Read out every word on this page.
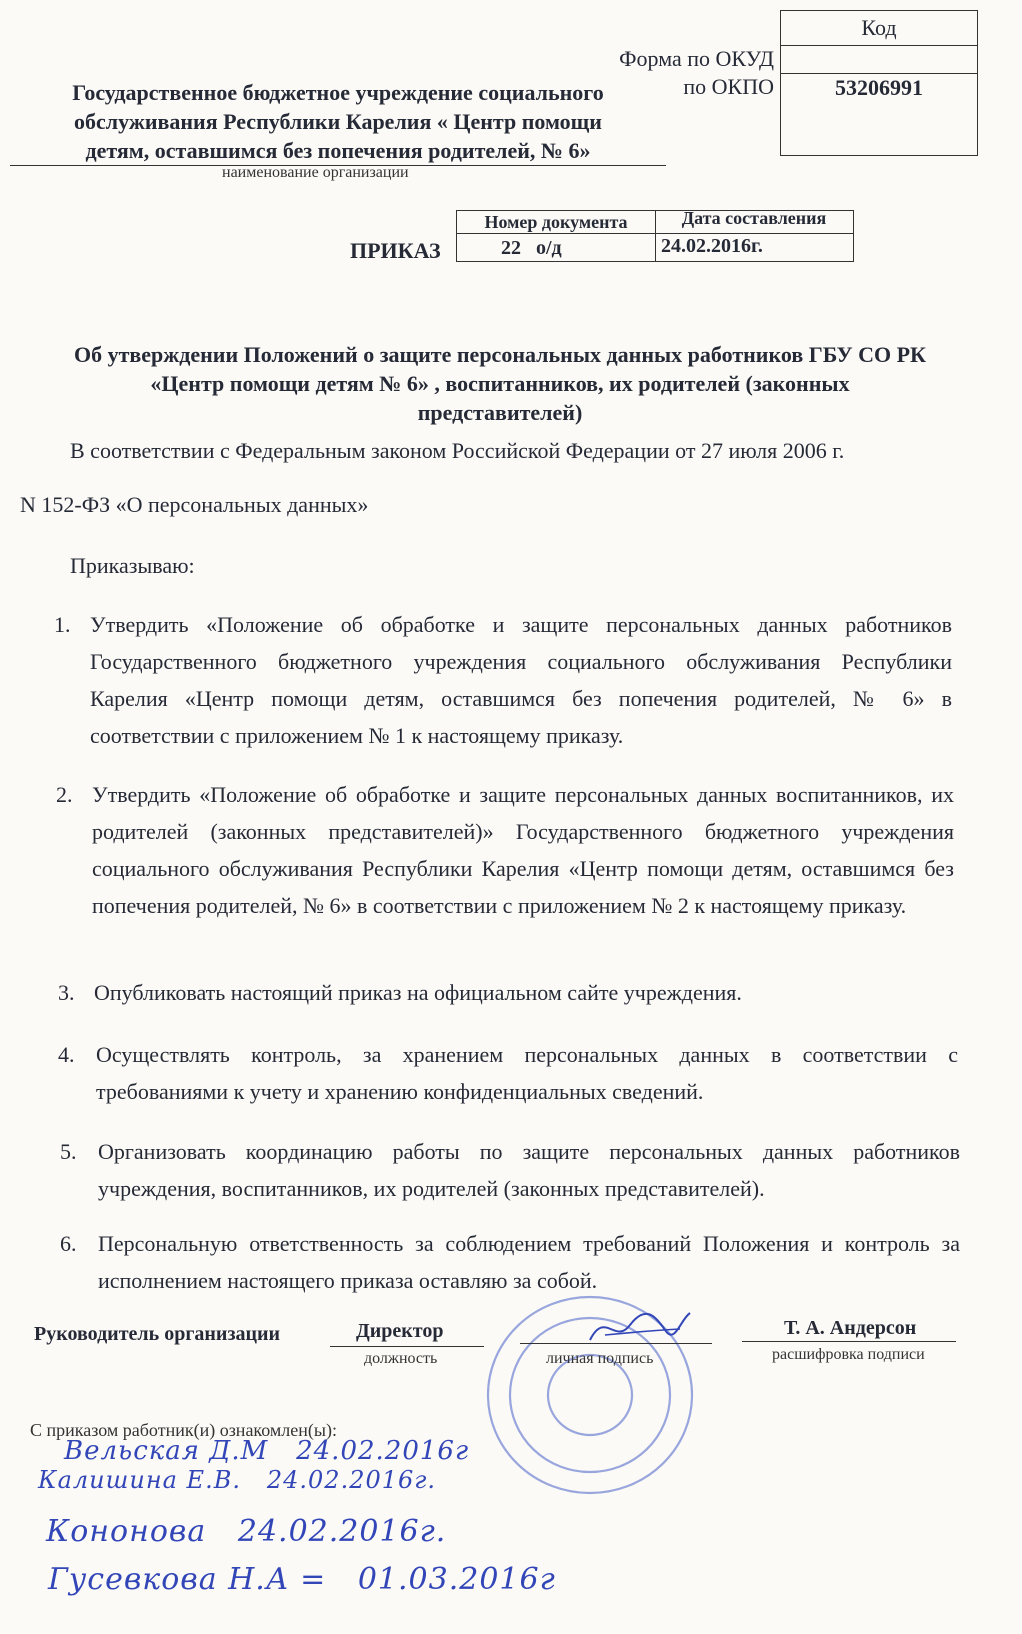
Форма по ОКУД
по ОКПО
Код
53206991
Государственное бюджетное учреждение социального
обслуживания Республики Карелия « Центр помощи
детям, оставшимся без попечения родителей, № 6»
наименование организации
ПРИКАЗ
Номер документа	Дата составления
22   о/д	24.02.2016г.
Об утверждении Положений о защите персональных данных работников ГБУ СО РК
«Центр помощи детям № 6» , воспитанников, их родителей (законных
представителей)
В соответствии с Федеральным законом Российской Федерации от 27 июля 2006 г.
N 152-ФЗ «О персональных данных»
Приказываю:
1. Утвердить «Положение об обработке и защите персональных данных работников Государственного бюджетного учреждения социального обслуживания Республики Карелия «Центр помощи детям, оставшимся без попечения родителей, № 6» в соответствии с приложением № 1 к настоящему приказу.
2. Утвердить «Положение об обработке и защите персональных данных воспитанников, их родителей (законных представителей)» Государственного бюджетного учреждения социального обслуживания Республики Карелия «Центр помощи детям, оставшимся без попечения родителей, № 6» в соответствии с приложением № 2 к настоящему приказу.
3. Опубликовать настоящий приказ на официальном сайте учреждения.
4. Осуществлять контроль, за хранением персональных данных в соответствии с требованиями к учету и хранению конфиденциальных сведений.
5. Организовать координацию работы по защите персональных данных работников учреждения, воспитанников, их родителей (законных представителей).
6. Персональную ответственность за соблюдением требований Положения и контроль за исполнением настоящего приказа оставляю за собой.
Руководитель организации	Директор
должность	личная подпись
Т. А. Андерсон
расшифровка подписи
С приказом работник(и) ознакомлен(ы):
Вельская Д.М   24.02.2016г
Калишина Е.В.   24.02.2016г.
Кононова   24.02.2016г.
Гусевкова Н.А =   01.03.2016г
